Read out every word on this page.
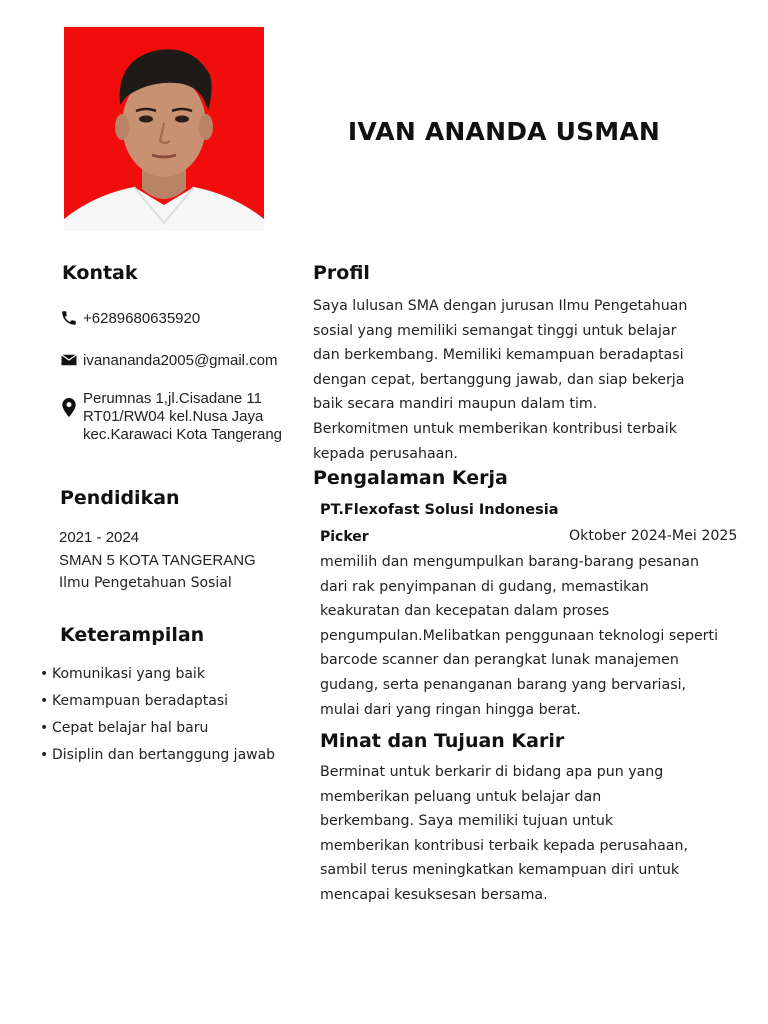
IVAN ANANDA USMAN
Kontak
+6289680635920
ivanananda2005@gmail.com
Perumnas 1,jl.Cisadane 11
RT01/RW04 kel.Nusa Jaya
kec.Karawaci Kota Tangerang
Pendidikan
2021 - 2024
SMAN 5 KOTA TANGERANG
Ilmu Pengetahuan Sosial
Keterampilan
• Komunikasi yang baik
• Kemampuan beradaptasi
• Cepat belajar hal baru
• Disiplin dan bertanggung jawab
Profil
Saya lulusan SMA dengan jurusan Ilmu Pengetahuan
sosial yang memiliki semangat tinggi untuk belajar
dan berkembang. Memiliki kemampuan beradaptasi
dengan cepat, bertanggung jawab, dan siap bekerja
baik secara mandiri maupun dalam tim.
Berkomitmen untuk memberikan kontribusi terbaik
kepada perusahaan.
Pengalaman Kerja
PT.Flexofast Solusi Indonesia
Picker	Oktober 2024-Mei 2025
memilih dan mengumpulkan barang-barang pesanan
dari rak penyimpanan di gudang, memastikan
keakuratan dan kecepatan dalam proses
pengumpulan.Melibatkan penggunaan teknologi seperti
barcode scanner dan perangkat lunak manajemen
gudang, serta penanganan barang yang bervariasi,
mulai dari yang ringan hingga berat.
Minat dan Tujuan Karir
Berminat untuk berkarir di bidang apa pun yang
memberikan peluang untuk belajar dan
berkembang. Saya memiliki tujuan untuk
memberikan kontribusi terbaik kepada perusahaan,
sambil terus meningkatkan kemampuan diri untuk
mencapai kesuksesan bersama.
